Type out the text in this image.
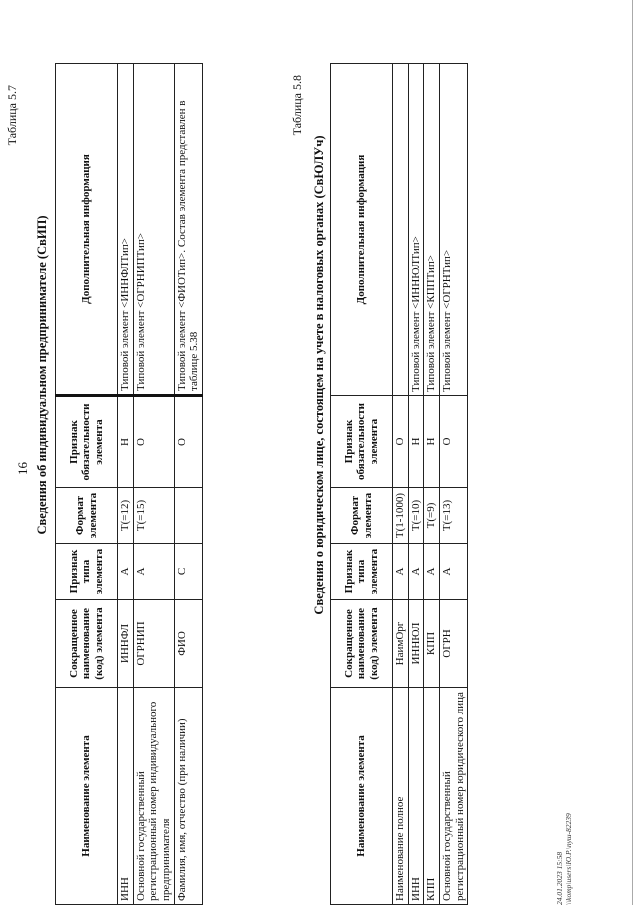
16
Таблица 5.7
Сведения об индивидуальном предпринимателе (СвИП)
Наименование элемента	Сокращенное наименование (код) элемента	Признак типа элемента	Формат элемента	Признак обязательности элемента	Дополнительная информация
ИНН	ИННФЛ	А	Т(=12)	Н	Типовой элемент <ИННФЛТип>
Основной государственный регистрационный номер индивидуального предпринимателя	ОГРНИП	А	Т(=15)	О	Типовой элемент <ОГРНИПТип>
Фамилия, имя, отчество (при наличии)	ФИО	С		О	Типовой элемент <ФИОТип>. Состав элемента представлен в таблице 5.38
Таблица 5.8
Сведения о юридическом лице, состоящем на учете в налоговых органах (СвЮЛУч)
Наименование элемента	Сокращенное наименование (код) элемента	Признак типа элемента	Формат элемента	Признак обязательности элемента	Дополнительная информация
Наименование полное	НаимОрг	А	Т(1-1000)	О	
ИНН	ИННЮЛ	А	Т(=10)	Н	Типовой элемент <ИННЮЛТип>
КПП	КПП	А	Т(=9)	Н	Типовой элемент <КППТип>
Основной государственный регистрационный номер юридического лица	ОГРН	А	Т(=13)	О	Типовой элемент <ОГРНТип>
24.01.2023 15:58 \\komp\users\Ю.Р.\пуш-82239
